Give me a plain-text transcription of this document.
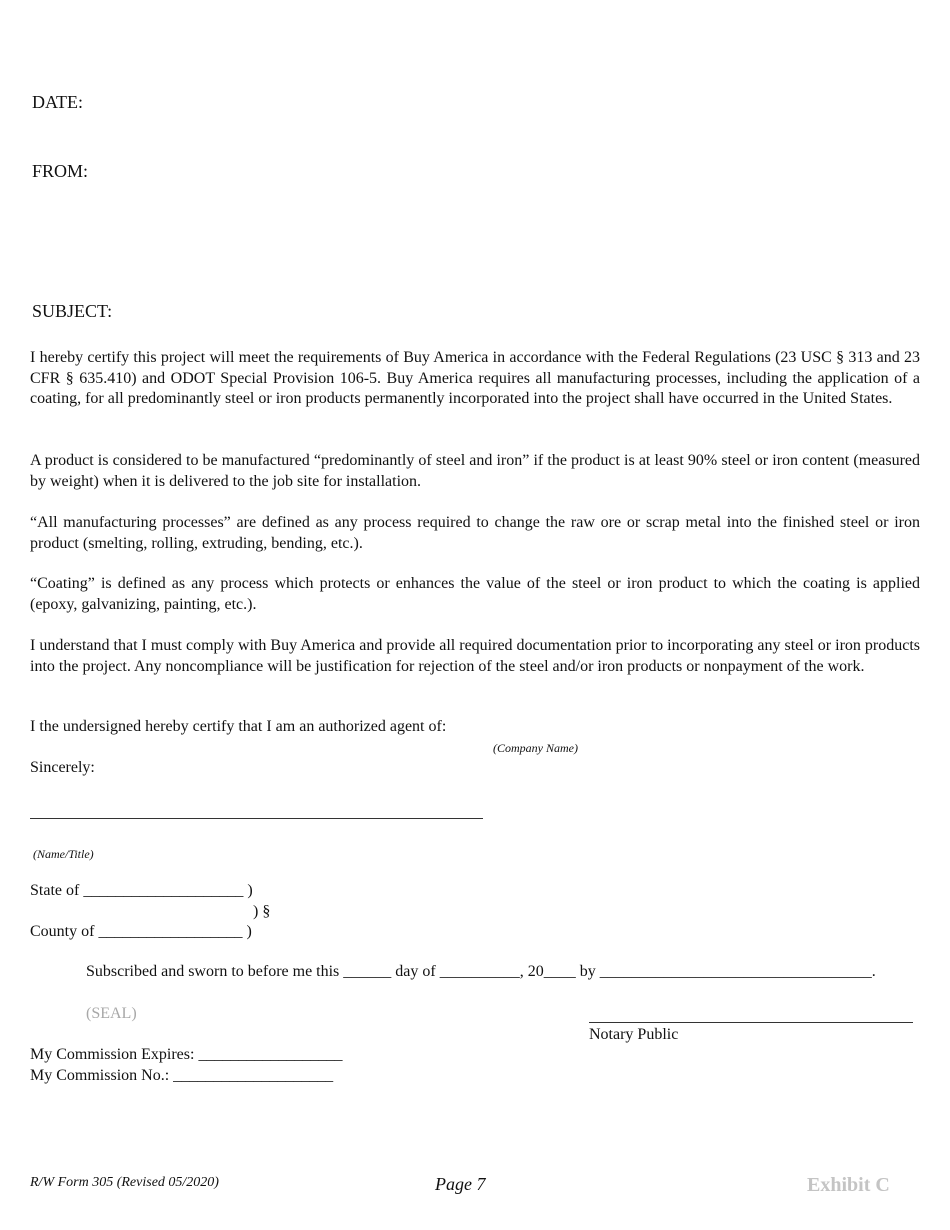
DATE:
FROM:
SUBJECT:
I hereby certify this project will meet the requirements of Buy America in accordance with the Federal Regulations (23 USC § 313 and 23 CFR § 635.410) and ODOT Special Provision 106-5. Buy America requires all manufacturing processes, including the application of a coating, for all predominantly steel or iron products permanently incorporated into the project shall have occurred in the United States.
A product is considered to be manufactured “predominantly of steel and iron” if the product is at least 90% steel or iron content (measured by weight) when it is delivered to the job site for installation.
“All manufacturing processes” are defined as any process required to change the raw ore or scrap metal into the finished steel or iron product (smelting, rolling, extruding, bending, etc.).
“Coating” is defined as any process which protects or enhances the value of the steel or iron product to which the coating is applied (epoxy, galvanizing, painting, etc.).
I understand that I must comply with Buy America and provide all required documentation prior to incorporating any steel or iron products into the project. Any noncompliance will be justification for rejection of the steel and/or iron products or nonpayment of the work.
I the undersigned hereby certify that I am an authorized agent of:
(Company Name)
Sincerely:
(Name/Title)
State of ____________________ )
) §
County of __________________ )
Subscribed and sworn to before me this ______ day of __________, 20____ by __________________________________.
(SEAL)
Notary Public
My Commission Expires: __________________
My Commission No.: ____________________
R/W Form 305 (Revised 05/2020)	Page 7	Exhibit C
